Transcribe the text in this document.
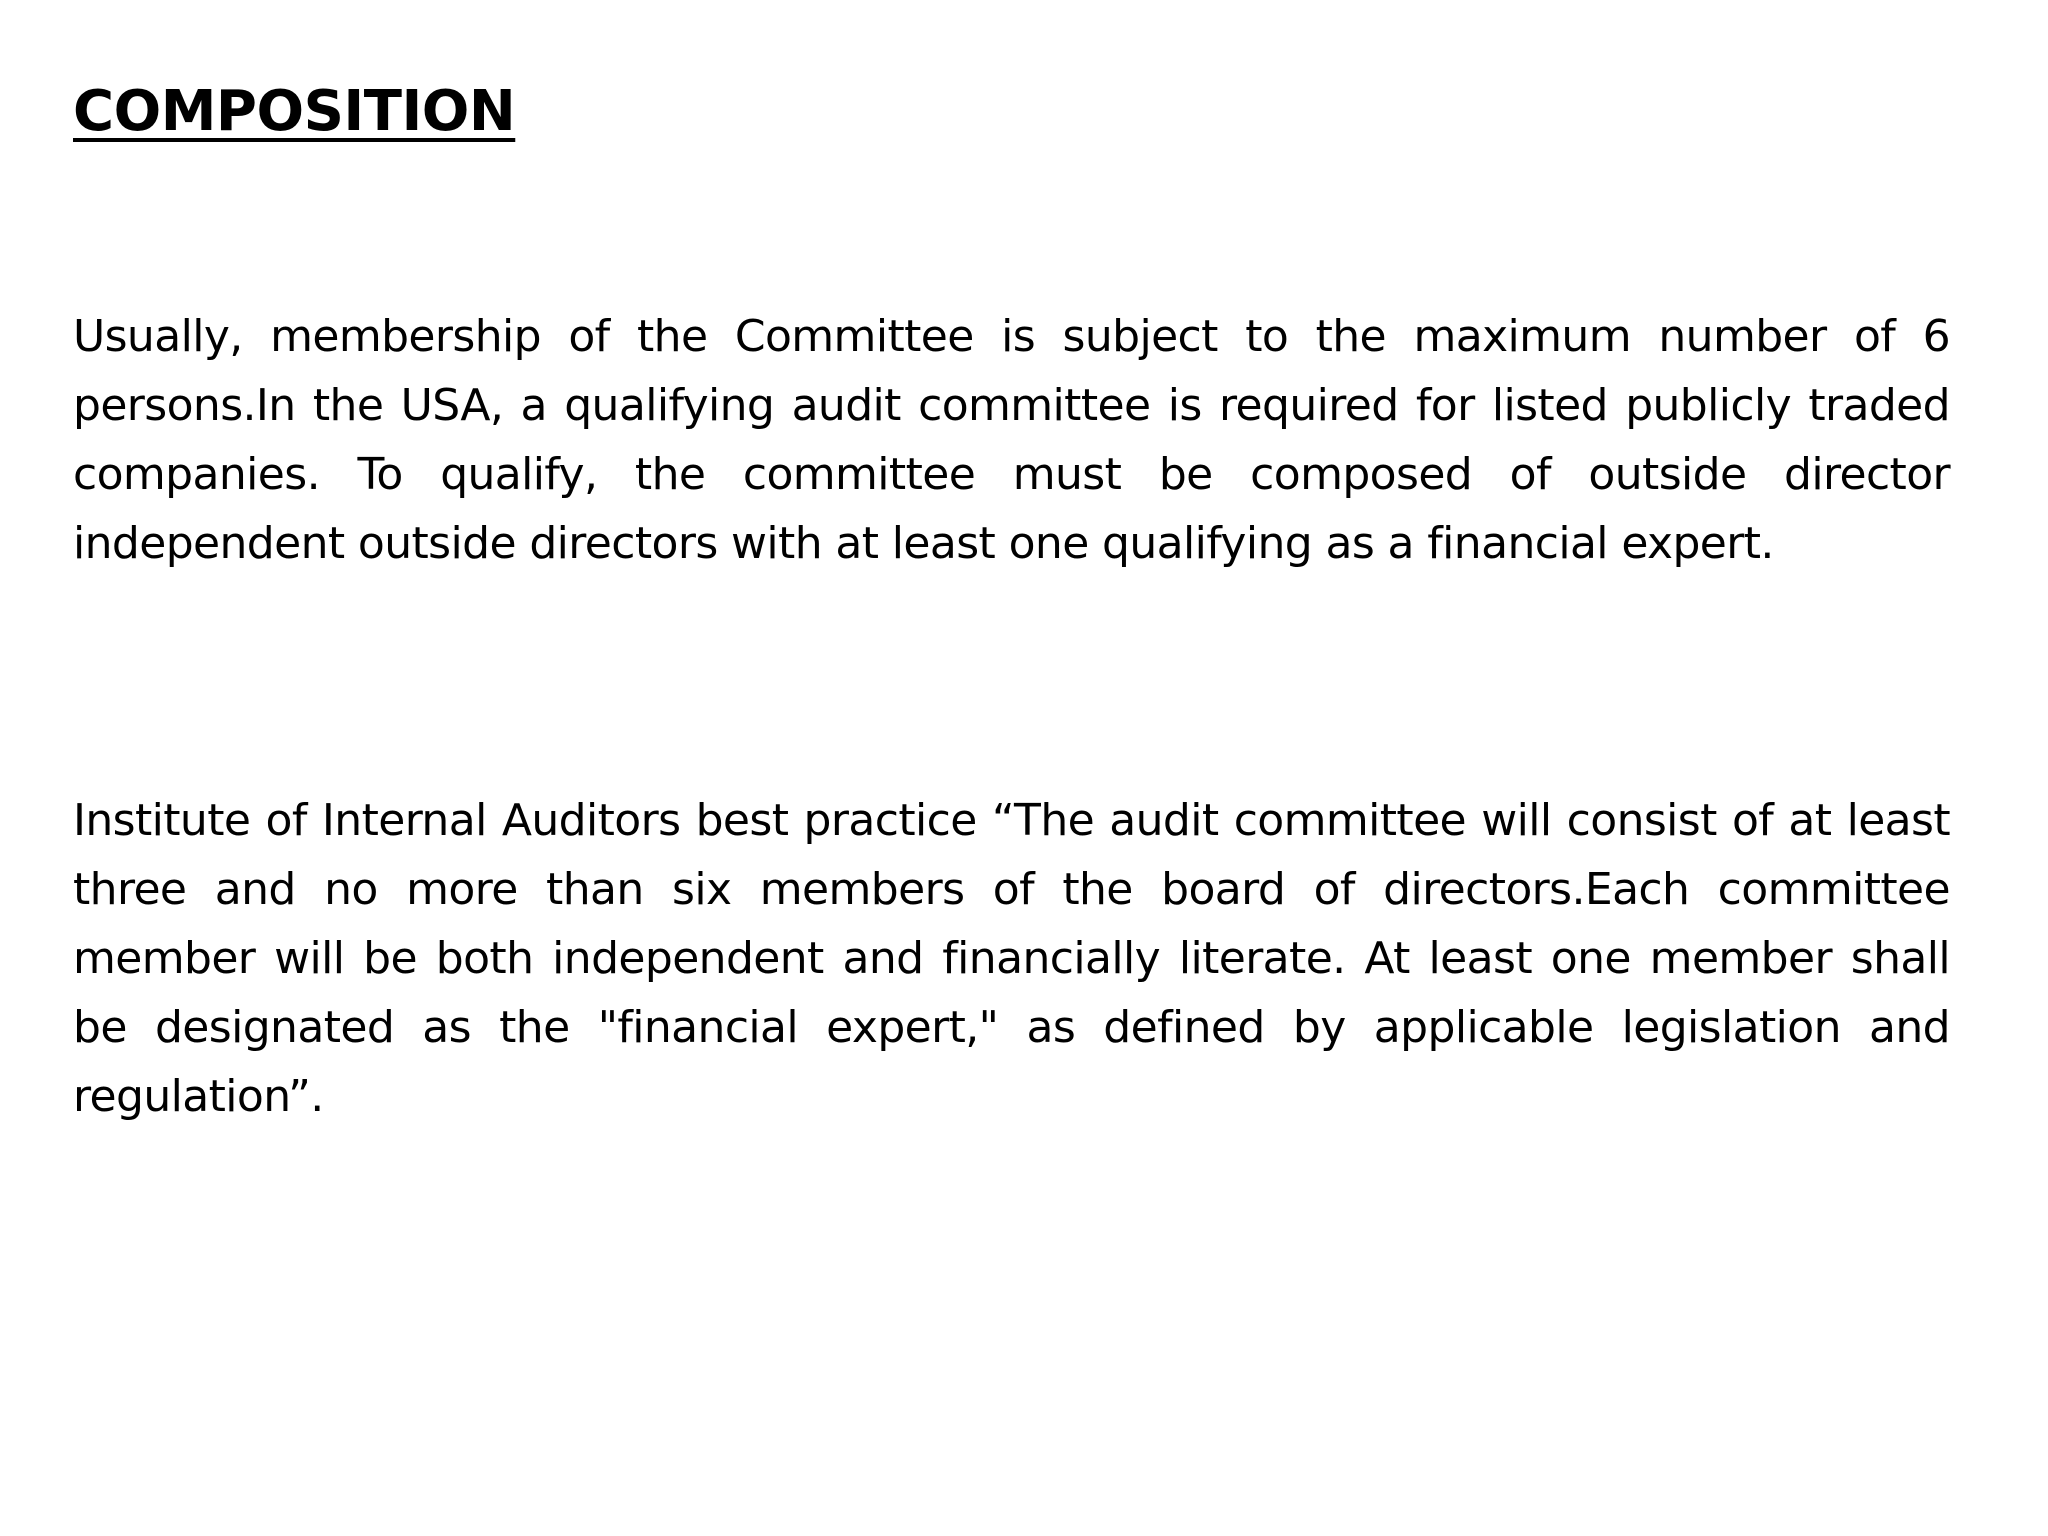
COMPOSITION

Usually, membership of the Committee is subject to the maximum number of 6 persons.In the USA, a qualifying audit committee is required for listed publicly traded companies. To qualify, the committee must be composed of outside director independent outside directors with at least one qualifying as a financial expert.

Institute of Internal Auditors best practice “The audit committee will consist of at least three and no more than six members of the board of directors.Each committee member will be both independent and financially literate. At least one member shall be designated as the "financial expert," as defined by applicable legislation and regulation”.
